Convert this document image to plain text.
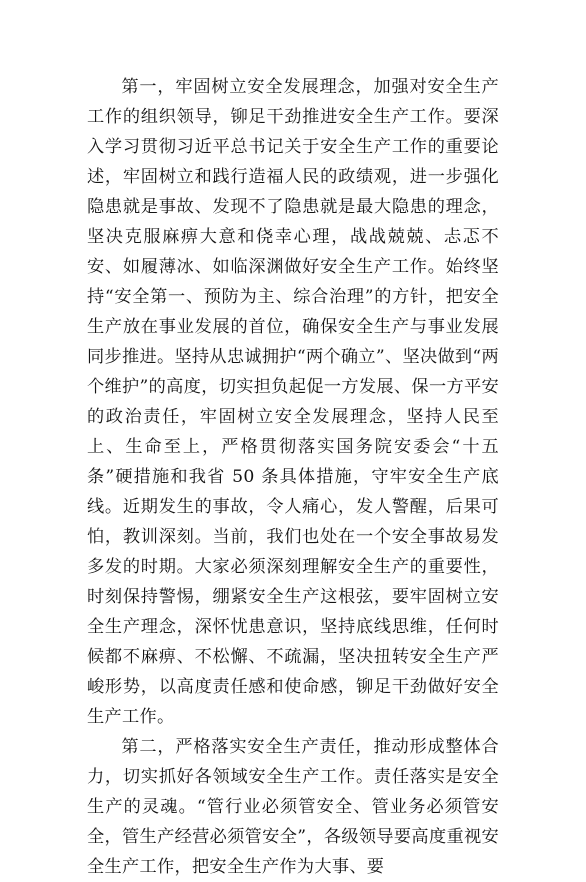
第一，牢固树立安全发展理念，加强对安全生产工作的组织领导，铆足干劲推进安全生产工作。要深入学习贯彻习近平总书记关于安全生产工作的重要论述，牢固树立和践行造福人民的政绩观，进一步强化隐患就是事故、发现不了隐患就是最大隐患的理念，坚决克服麻痹大意和侥幸心理，战战兢兢、忐忑不安、如履薄冰、如临深渊做好安全生产工作。始终坚持“安全第一、预防为主、综合治理”的方针，把安全生产放在事业发展的首位，确保安全生产与事业发展同步推进。坚持从忠诚拥护“两个确立”、坚决做到“两个维护”的高度，切实担负起促一方发展、保一方平安的政治责任，牢固树立安全发展理念，坚持人民至上、生命至上，严格贯彻落实国务院安委会“十五条”硬措施和我省 50 条具体措施，守牢安全生产底线。近期发生的事故，令人痛心，发人警醒，后果可怕，教训深刻。当前，我们也处在一个安全事故易发多发的时期。大家必须深刻理解安全生产的重要性，时刻保持警惕，绷紧安全生产这根弦，要牢固树立安全生产理念，深怀忧患意识，坚持底线思维，任何时候都不麻痹、不松懈、不疏漏，坚决扭转安全生产严峻形势，以高度责任感和使命感，铆足干劲做好安全生产工作。

第二，严格落实安全生产责任，推动形成整体合力，切实抓好各领域安全生产工作。责任落实是安全生产的灵魂。“管行业必须管安全、管业务必须管安全，管生产经营必须管安全”，各级领导要高度重视安全生产工作，把安全生产作为大事、要
